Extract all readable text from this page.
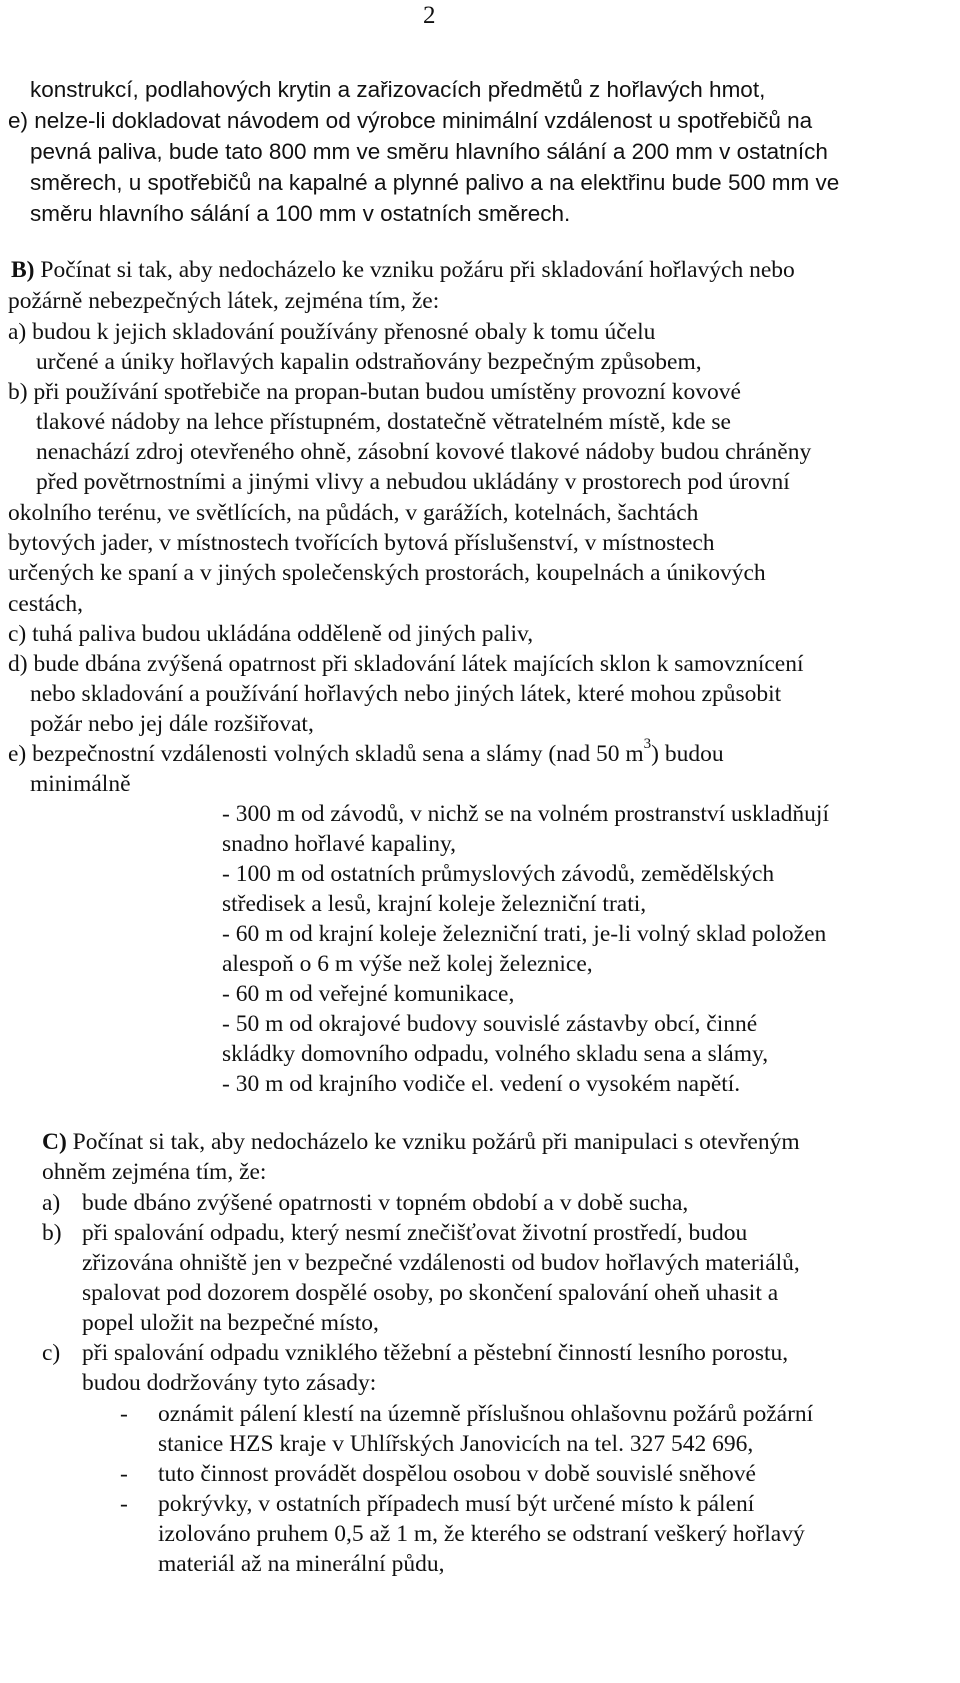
2
konstrukcí, podlahových krytin a zařizovacích předmětů z hořlavých hmot,
e) nelze-li dokladovat návodem od výrobce minimální vzdálenost u spotřebičů na
pevná paliva, bude tato 800 mm ve směru hlavního sálání a 200 mm v ostatních
směrech, u spotřebičů na kapalné a plynné palivo a na elektřinu bude 500 mm ve
směru hlavního sálání a 100 mm v ostatních směrech.
B) Počínat si tak, aby nedocházelo ke vzniku požáru při skladování hořlavých nebo
požárně nebezpečných látek, zejména tím, že:
a) budou k jejich skladování používány přenosné obaly k tomu účelu
určené a úniky hořlavých kapalin odstraňovány bezpečným způsobem,
b) při používání spotřebiče na propan-butan budou umístěny provozní kovové
tlakové nádoby na lehce přístupném, dostatečně větratelném místě, kde se
nenachází zdroj otevřeného ohně, zásobní kovové tlakové nádoby budou chráněny
před povětrnostními a jinými vlivy a nebudou ukládány v prostorech pod úrovní
okolního terénu, ve světlících, na půdách, v garážích, kotelnách, šachtách
bytových jader, v místnostech tvořících bytová příslušenství, v místnostech
určených ke spaní a v jiných společenských prostorách, koupelnách a únikových
cestách,
c) tuhá paliva budou ukládána odděleně od jiných paliv,
d) bude dbána zvýšená opatrnost při skladování látek majících sklon k samovznícení
nebo skladování a používání hořlavých nebo jiných látek, které mohou způsobit
požár nebo jej dále rozšiřovat,
e) bezpečnostní vzdálenosti volných skladů sena a slámy (nad 50 $m^3$) budou
minimálně
- 300 m od závodů, v nichž se na volném prostranství uskladňují
snadno hořlavé kapaliny,
- 100 m od ostatních průmyslových závodů, zemědělských
středisek a lesů, krajní koleje železniční trati,
- 60 m od krajní koleje železniční trati, je-li volný sklad položen
alespoň o 6 m výše než kolej železnice,
- 60 m od veřejné komunikace,
- 50 m od okrajové budovy souvislé zástavby obcí, činné
skládky domovního odpadu, volného skladu sena a slámy,
- 30 m od krajního vodiče el. vedení o vysokém napětí.
C) Počínat si tak, aby nedocházelo ke vzniku požárů při manipulaci s otevřeným
ohněm zejména tím, že:
a) bude dbáno zvýšené opatrnosti v topném období a v době sucha,
b) při spalování odpadu, který nesmí znečišťovat životní prostředí, budou
zřizována ohniště jen v bezpečné vzdálenosti od budov hořlavých materiálů,
spalovat pod dozorem dospělé osoby, po skončení spalování oheň uhasit a
popel uložit na bezpečné místo,
c) při spalování odpadu vzniklého těžební a pěstební činností lesního porostu,
budou dodržovány tyto zásady:
- oznámit pálení klestí na územně příslušnou ohlašovnu požárů požární
stanice HZS kraje v Uhlířských Janovicích na tel. 327 542 696,
- tuto činnost provádět dospělou osobou v době souvislé sněhové
- pokrývky, v ostatních případech musí být určené místo k pálení
izolováno pruhem 0,5 až 1 m, že kterého se odstraní veškerý hořlavý
materiál až na minerální půdu,
